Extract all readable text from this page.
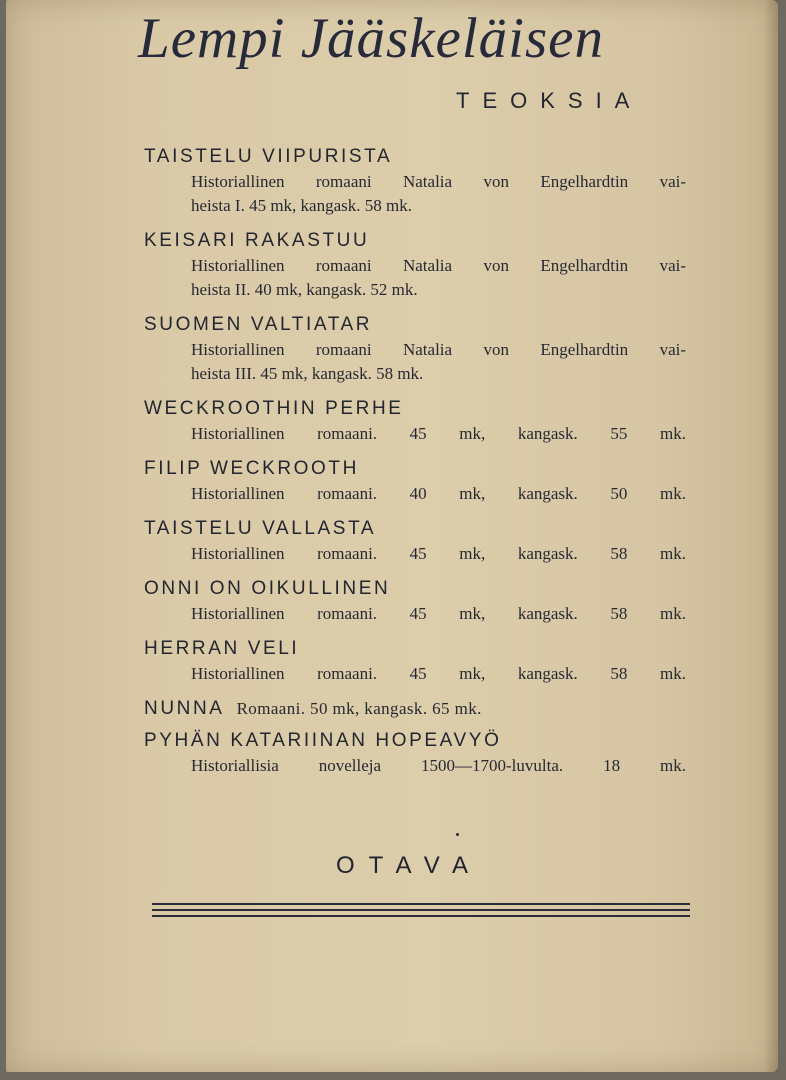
Lempi Jääskeläisen
TEOKSIA
TAISTELU VIIPURISTA
Historiallinen romaani Natalia von Engelhardtin vai-
heista I. 45 mk, kangask. 58 mk.
KEISARI RAKASTUU
Historiallinen romaani Natalia von Engelhardtin vai-
heista II. 40 mk, kangask. 52 mk.
SUOMEN VALTIATAR
Historiallinen romaani Natalia von Engelhardtin vai-
heista III. 45 mk, kangask. 58 mk.
WECKROOTHIN PERHE
Historiallinen romaani. 45 mk, kangask. 55 mk.
FILIP WECKROOTH
Historiallinen romaani. 40 mk, kangask. 50 mk.
TAISTELU VALLASTA
Historiallinen romaani. 45 mk, kangask. 58 mk.
ONNI ON OIKULLINEN
Historiallinen romaani. 45 mk, kangask. 58 mk.
HERRAN VELI
Historiallinen romaani. 45 mk, kangask. 58 mk.
NUNNA Romaani. 50 mk, kangask. 65 mk.
PYHÄN KATARIINAN HOPEAVYÖ
Historiallisia novelleja 1500—1700-luvulta. 18 mk.
OTAVA
